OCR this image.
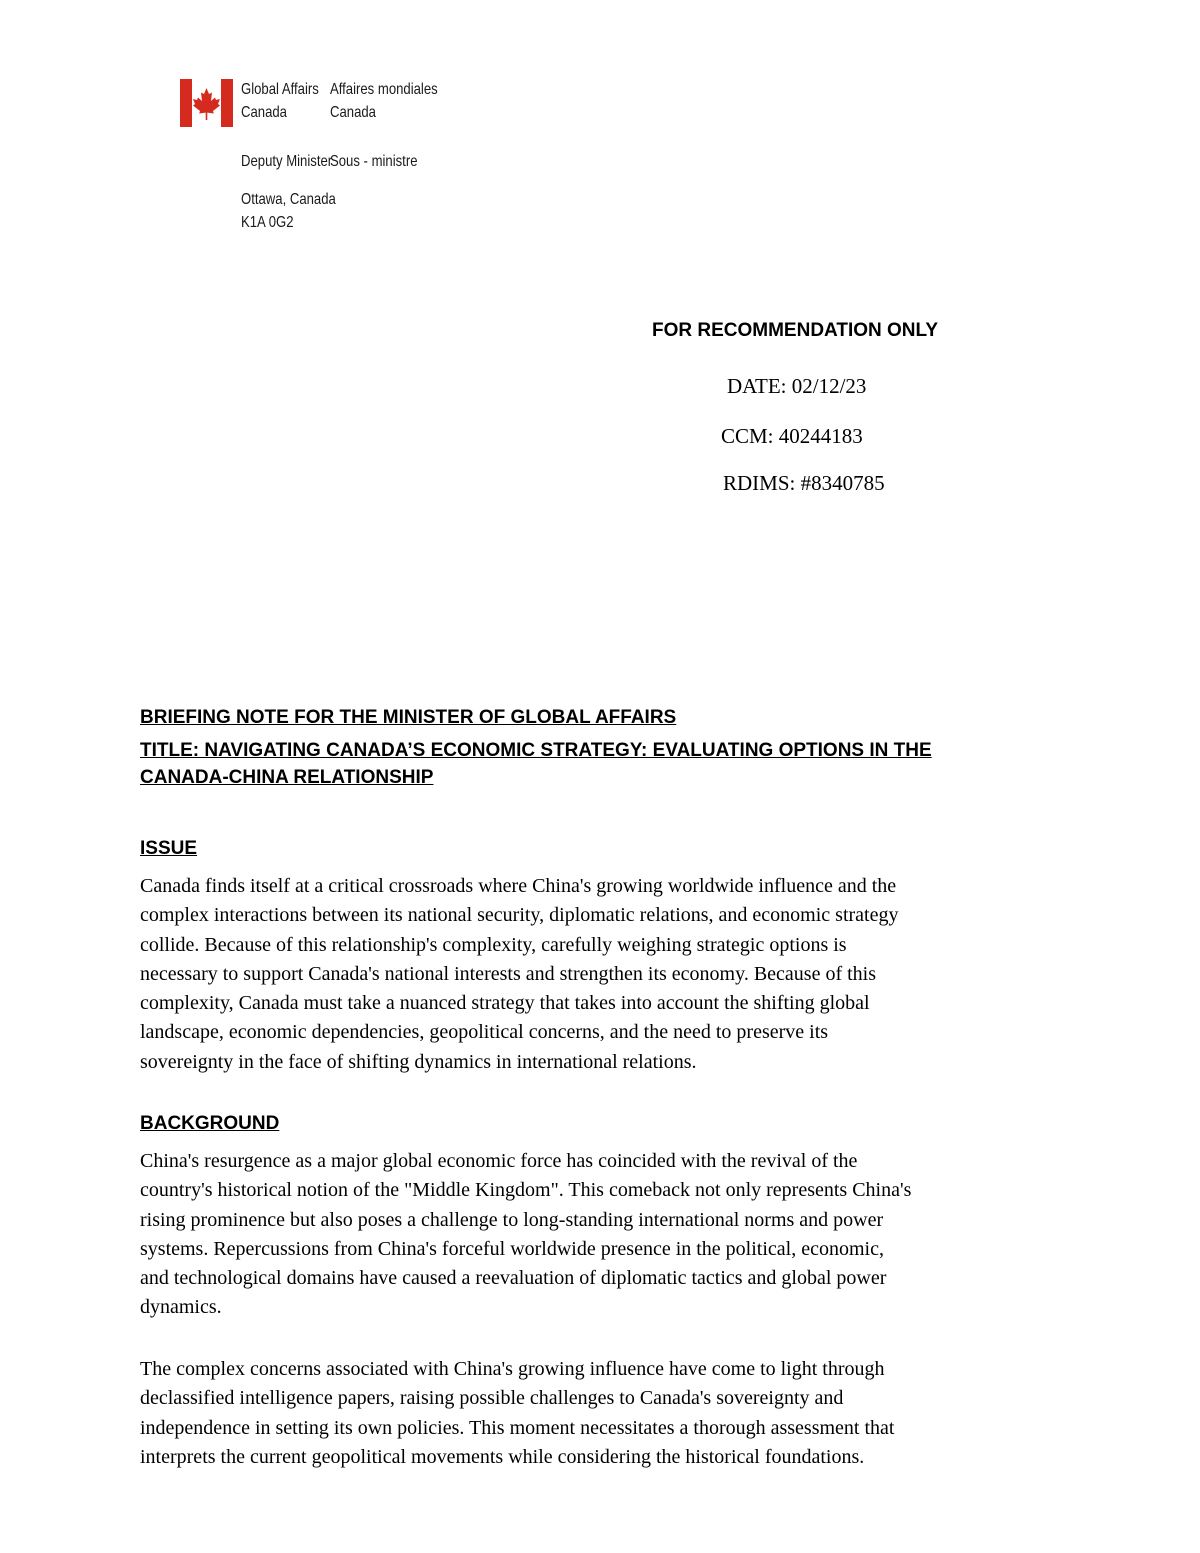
Global Affairs
Canada
Affaires mondiales
Canada
Deputy Minister
Sous - ministre
Ottawa, Canada
K1A 0G2
FOR RECOMMENDATION ONLY
DATE: 02/12/23
CCM: 40244183
RDIMS: #8340785
BRIEFING NOTE FOR THE MINISTER OF GLOBAL AFFAIRS
TITLE: NAVIGATING CANADA’S ECONOMIC STRATEGY: EVALUATING OPTIONS IN THE
CANADA-CHINA RELATIONSHIP
ISSUE
Canada finds itself at a critical crossroads where China's growing worldwide influence and the
complex interactions between its national security, diplomatic relations, and economic strategy
collide. Because of this relationship's complexity, carefully weighing strategic options is
necessary to support Canada's national interests and strengthen its economy. Because of this
complexity, Canada must take a nuanced strategy that takes into account the shifting global
landscape, economic dependencies, geopolitical concerns, and the need to preserve its
sovereignty in the face of shifting dynamics in international relations.
BACKGROUND
China's resurgence as a major global economic force has coincided with the revival of the
country's historical notion of the "Middle Kingdom". This comeback not only represents China's
rising prominence but also poses a challenge to long-standing international norms and power
systems. Repercussions from China's forceful worldwide presence in the political, economic,
and technological domains have caused a reevaluation of diplomatic tactics and global power
dynamics.
The complex concerns associated with China's growing influence have come to light through
declassified intelligence papers, raising possible challenges to Canada's sovereignty and
independence in setting its own policies. This moment necessitates a thorough assessment that
interprets the current geopolitical movements while considering the historical foundations.
